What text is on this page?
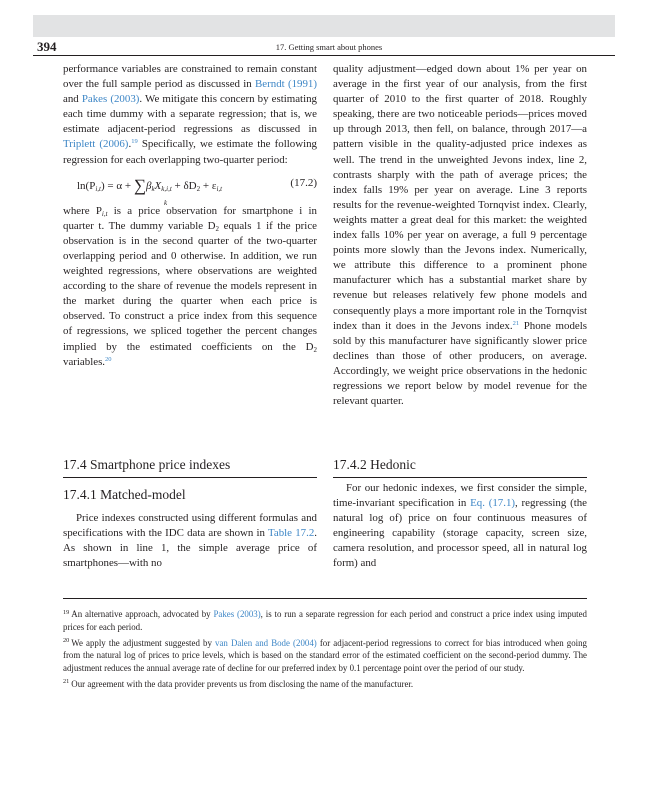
394	17. Getting smart about phones

performance variables are constrained to remain constant over the full sample period as discussed in Berndt (1991) and Pakes (2003). We mitigate this concern by estimating each time dummy with a separate regression; that is, we estimate adjacent-period regressions as discussed in Triplett (2006).$^{19}$ Specifically, we estimate the following regression for each overlapping two-quarter period:

$\ln(P_{i,t}) = \alpha + \sum\beta_kX_{k,i,t} + \delta D_2 + \varepsilon_{i,t}$
k
(17.2)

where $P_{i,t}$ is a price observation for smartphone i in quarter t. The dummy variable $D_2$ equals 1 if the price observation is in the second quarter of the two-quarter overlapping period and 0 otherwise. In addition, we run weighted regressions, where observations are weighted according to the share of revenue the models represent in the market during the quarter when each price is observed. To construct a price index from this sequence of regressions, we spliced together the percent changes implied by the estimated coefficients on the $D_2$ variables.$^{20}$

quality adjustment—edged down about 1% per year on average in the first year of our analysis, from the first quarter of 2010 to the first quarter of 2018. Roughly speaking, there are two noticeable periods—prices moved up through 2013, then fell, on balance, through 2017—a pattern visible in the quality-adjusted price indexes as well. The trend in the unweighted Jevons index, line 2, contrasts sharply with the path of average prices; the index falls 19% per year on average. Line 3 reports results for the revenue-weighted Tornqvist index. Clearly, weights matter a great deal for this market: the weighted index falls 10% per year on average, a full 9 percentage points more slowly than the Jevons index. Numerically, we attribute this difference to a prominent phone manufacturer which has a substantial market share by revenue but releases relatively few phone models and consequently plays a more important role in the Tornqvist index than it does in the Jevons index.$^{21}$ Phone models sold by this manufacturer have significantly slower price declines than those of other producers, on average. Accordingly, we weight price observations in the hedonic regressions we report below by model revenue for the relevant quarter.

17.4 Smartphone price indexes	17.4.2 Hedonic
17.4.1 Matched-model

Price indexes constructed using different formulas and specifications with the IDC data are shown in Table 17.2. As shown in line 1, the simple average price of smartphones—with no

For our hedonic indexes, we first consider the simple, time-invariant specification in Eq. (17.1), regressing (the natural log of) price on four continuous measures of engineering capability (storage capacity, screen size, camera resolution, and processor speed, all in natural log form) and

$^{19}$ An alternative approach, advocated by Pakes (2003), is to run a separate regression for each period and construct a price index using imputed prices for each period.

$^{20}$ We apply the adjustment suggested by van Dalen and Bode (2004) for adjacent-period regressions to correct for bias introduced when going from the natural log of prices to price levels, which is based on the standard error of the estimated coefficient on the second-period dummy. The adjustment reduces the annual average rate of decline for our preferred index by 0.1 percentage point over the period of our study.

$^{21}$ Our agreement with the data provider prevents us from disclosing the name of the manufacturer.
